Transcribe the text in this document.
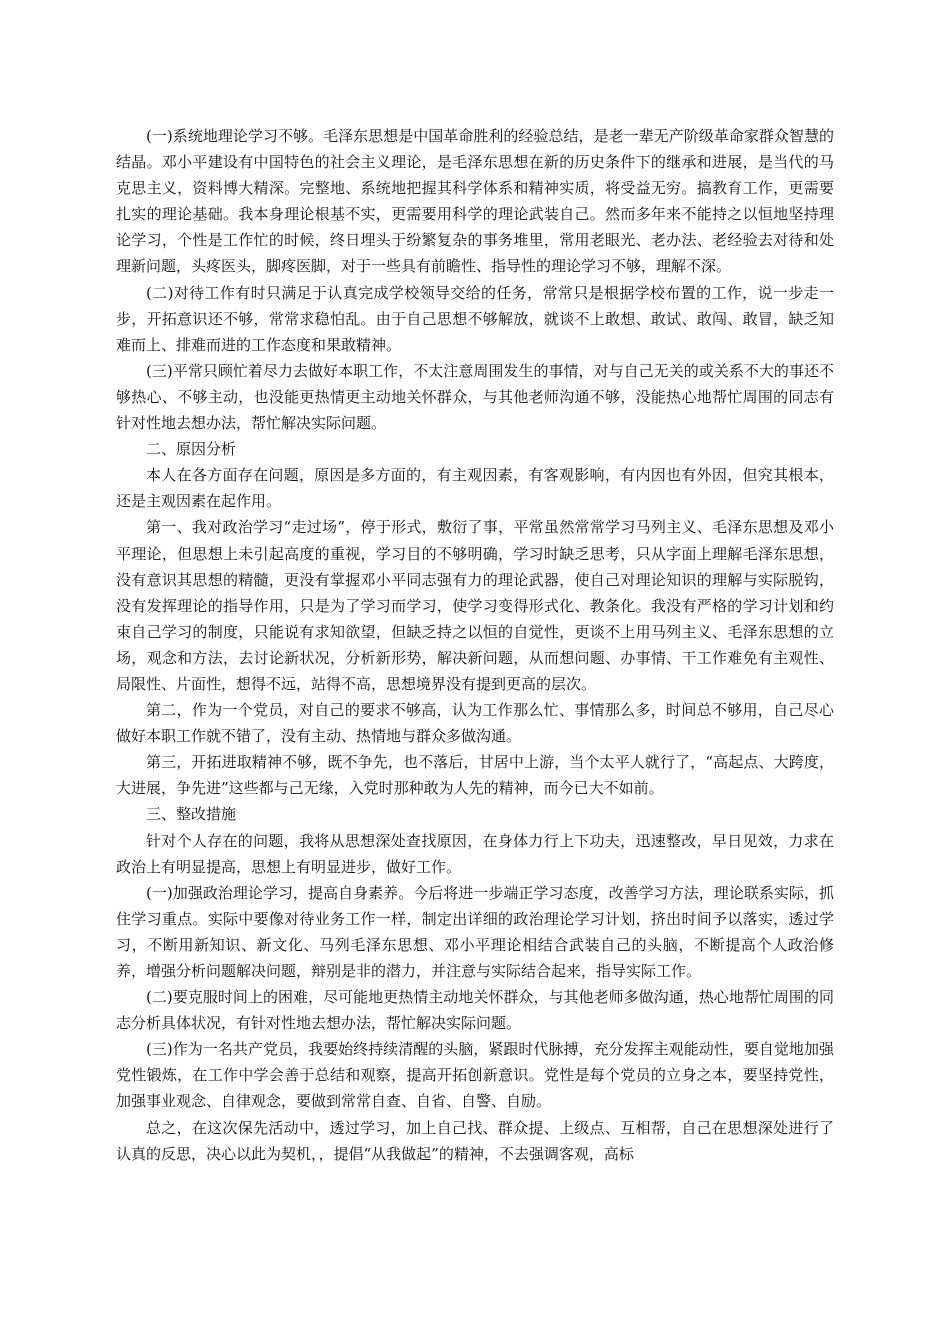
(一)系统地理论学习不够。毛泽东思想是中国革命胜利的经验总结，是老一辈无产阶级革命家群众智慧的结晶。邓小平建设有中国特色的社会主义理论，是毛泽东思想在新的历史条件下的继承和进展，是当代的马克思主义，资料博大精深。完整地、系统地把握其科学体系和精神实质，将受益无穷。搞教育工作，更需要扎实的理论基础。我本身理论根基不实，更需要用科学的理论武装自己。然而多年来不能持之以恒地坚持理论学习，个性是工作忙的时候，终日埋头于纷繁复杂的事务堆里，常用老眼光、老办法、老经验去对待和处理新问题，头疼医头，脚疼医脚，对于一些具有前瞻性、指导性的理论学习不够，理解不深。

(二)对待工作有时只满足于认真完成学校领导交给的任务，常常只是根据学校布置的工作，说一步走一步，开拓意识还不够，常常求稳怕乱。由于自己思想不够解放，就谈不上敢想、敢试、敢闯、敢冒，缺乏知难而上、排难而进的工作态度和果敢精神。

(三)平常只顾忙着尽力去做好本职工作，不太注意周围发生的事情，对与自己无关的或关系不大的事还不够热心、不够主动，也没能更热情更主动地关怀群众，与其他老师沟通不够，没能热心地帮忙周围的同志有针对性地去想办法，帮忙解决实际问题。

二、原因分析

本人在各方面存在问题，原因是多方面的，有主观因素，有客观影响，有内因也有外因，但究其根本，还是主观因素在起作用。

第一、我对政治学习“走过场”，停于形式，敷衍了事，平常虽然常常学习马列主义、毛泽东思想及邓小平理论，但思想上未引起高度的重视，学习目的不够明确，学习时缺乏思考，只从字面上理解毛泽东思想，没有意识其思想的精髓，更没有掌握邓小平同志强有力的理论武器，使自己对理论知识的理解与实际脱钩，没有发挥理论的指导作用，只是为了学习而学习，使学习变得形式化、教条化。我没有严格的学习计划和约束自己学习的制度，只能说有求知欲望，但缺乏持之以恒的自觉性，更谈不上用马列主义、毛泽东思想的立场，观念和方法，去讨论新状况，分析新形势，解决新问题，从而想问题、办事情、干工作难免有主观性、局限性、片面性，想得不远，站得不高，思想境界没有提到更高的层次。

第二，作为一个党员，对自己的要求不够高，认为工作那么忙、事情那么多，时间总不够用，自己尽心做好本职工作就不错了，没有主动、热情地与群众多做沟通。

第三，开拓进取精神不够，既不争先，也不落后，甘居中上游，当个太平人就行了，“高起点、大跨度，大进展，争先进”这些都与己无缘，入党时那种敢为人先的精神，而今已大不如前。

三、整改措施

针对个人存在的问题，我将从思想深处查找原因，在身体力行上下功夫，迅速整改，早日见效，力求在政治上有明显提高，思想上有明显进步，做好工作。

(一)加强政治理论学习，提高自身素养。今后将进一步端正学习态度，改善学习方法，理论联系实际，抓住学习重点。实际中要像对待业务工作一样，制定出详细的政治理论学习计划，挤出时间予以落实，透过学习，不断用新知识、新文化、马列毛泽东思想、邓小平理论相结合武装自己的头脑，不断提高个人政治修养，增强分析问题解决问题，辩别是非的潜力，并注意与实际结合起来，指导实际工作。

(二)要克服时间上的困难，尽可能地更热情主动地关怀群众，与其他老师多做沟通，热心地帮忙周围的同志分析具体状况，有针对性地去想办法，帮忙解决实际问题。

(三)作为一名共产党员，我要始终持续清醒的头脑，紧跟时代脉搏，充分发挥主观能动性，要自觉地加强党性锻炼，在工作中学会善于总结和观察，提高开拓创新意识。党性是每个党员的立身之本，要坚持党性，加强事业观念、自律观念，要做到常常自查、自省、自警、自励。

总之，在这次保先活动中，透过学习，加上自己找、群众提、上级点、互相帮，自己在思想深处进行了认真的反思，决心以此为契机，，提倡“从我做起”的精神，不去强调客观，高标
